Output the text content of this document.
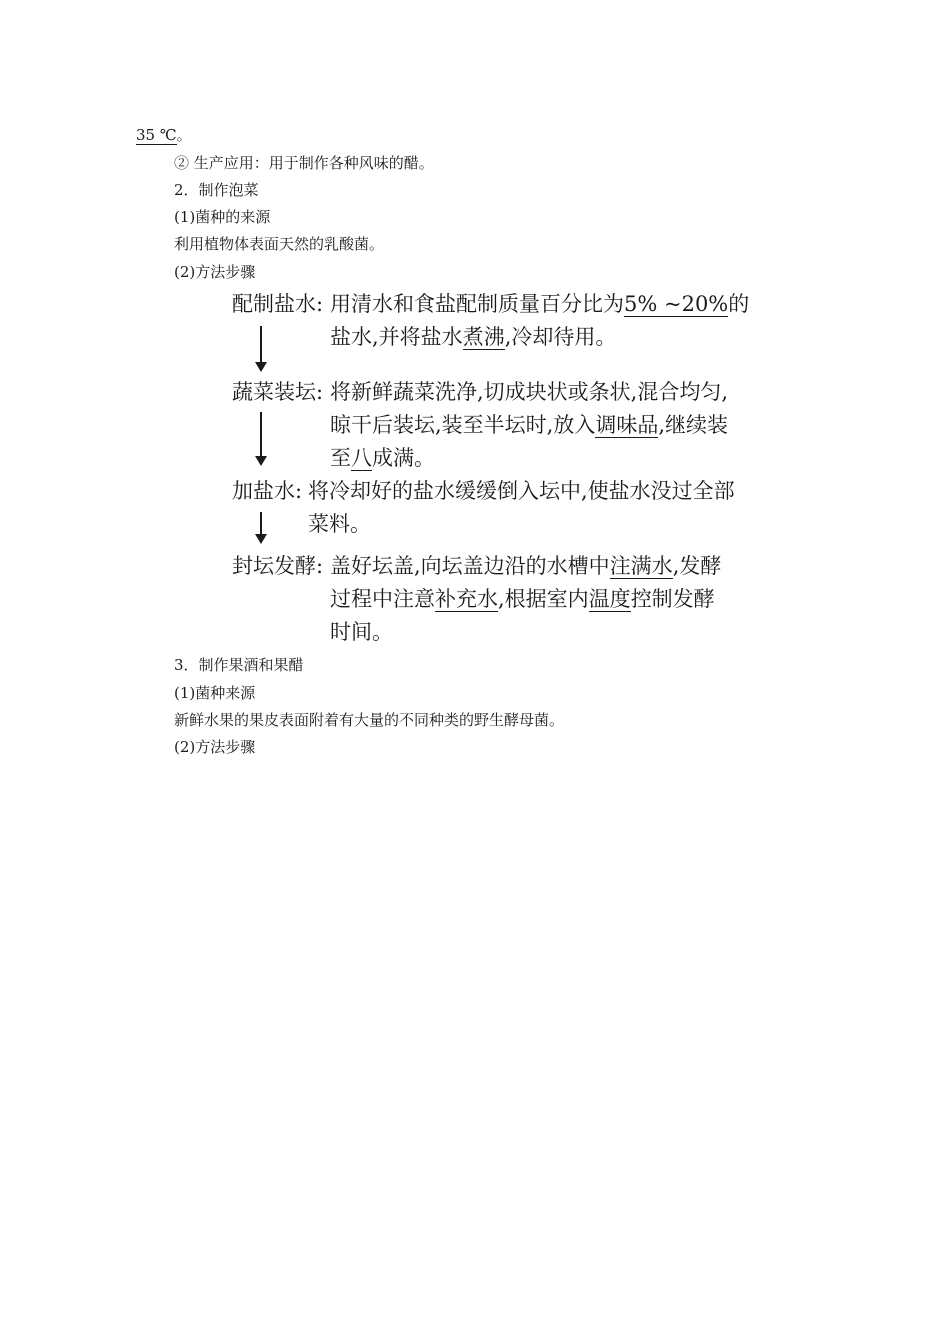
35 ℃。
② 生产应用：用于制作各种风味的醋。
2．制作泡菜
(1)菌种的来源
利用植物体表面天然的乳酸菌。
(2)方法步骤
配制盐水: 用清水和食盐配制质量百分比为5% ~20%的
盐水,并将盐水煮沸,冷却待用。
蔬菜装坛: 将新鲜蔬菜洗净,切成块状或条状,混合均匀,
晾干后装坛,装至半坛时,放入调味品,继续装
至八成满。
加盐水: 将冷却好的盐水缓缓倒入坛中,使盐水没过全部
菜料。
封坛发酵: 盖好坛盖,向坛盖边沿的水槽中注满水,发酵
过程中注意补充水,根据室内温度控制发酵
时间。
3．制作果酒和果醋
(1)菌种来源
新鲜水果的果皮表面附着有大量的不同种类的野生酵母菌。
(2)方法步骤
